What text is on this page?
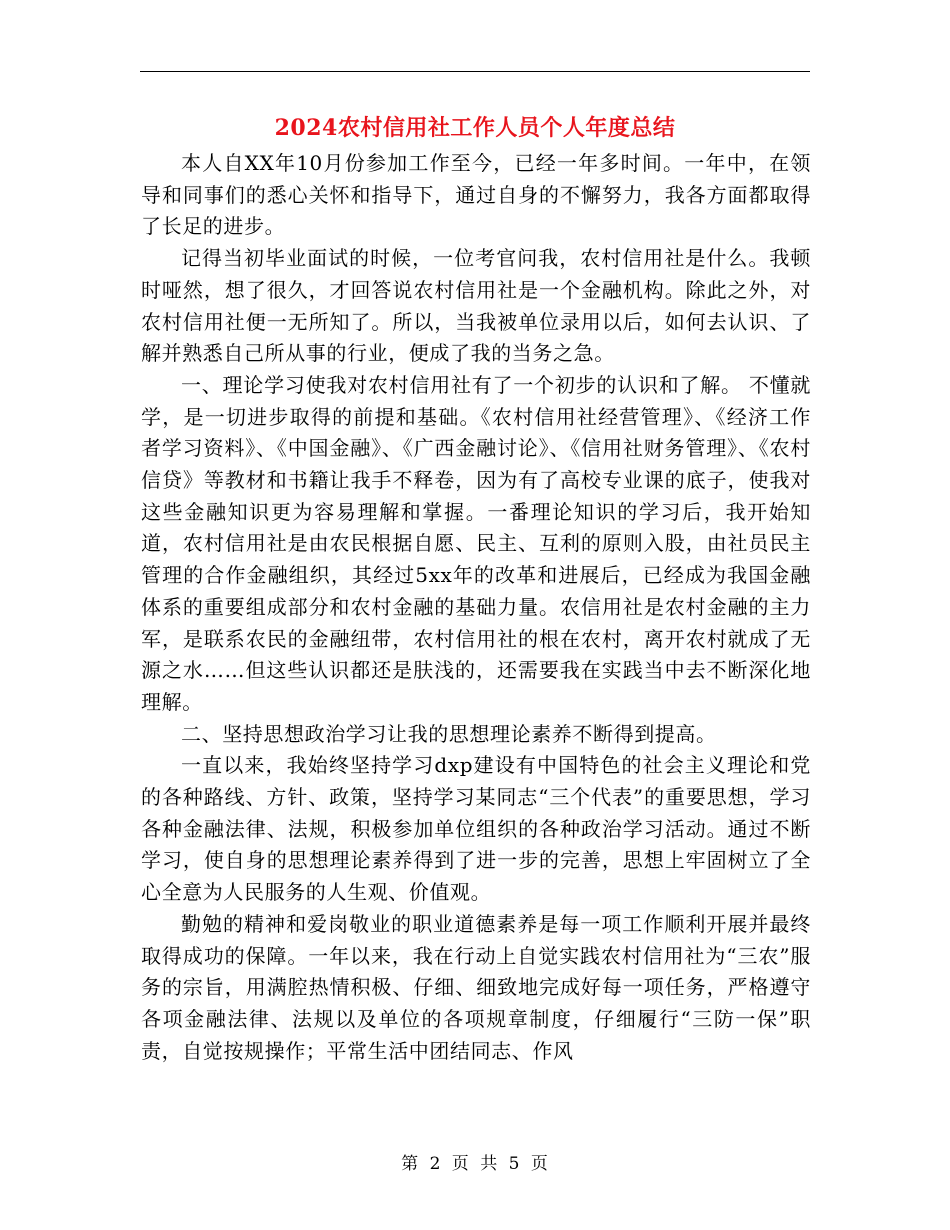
2024农村信用社工作人员个人年度总结

本人自XX年10月份参加工作至今，已经一年多时间。一年中，在领导和同事们的悉心关怀和指导下，通过自身的不懈努力，我各方面都取得了长足的进步。

记得当初毕业面试的时候，一位考官问我，农村信用社是什么。我顿时哑然，想了很久，才回答说农村信用社是一个金融机构。除此之外，对农村信用社便一无所知了。所以，当我被单位录用以后，如何去认识、了解并熟悉自己所从事的行业，便成了我的当务之急。

一、理论学习使我对农村信用社有了一个初步的认识和了解。 不懂就学，是一切进步取得的前提和基础。《农村信用社经营管理》、《经济工作者学习资料》、《中国金融》、《广西金融讨论》、《信用社财务管理》、《农村信贷》等教材和书籍让我手不释卷，因为有了高校专业课的底子，使我对这些金融知识更为容易理解和掌握。一番理论知识的学习后，我开始知道，农村信用社是由农民根据自愿、民主、互利的原则入股，由社员民主管理的合作金融组织，其经过5xx年的改革和进展后，已经成为我国金融体系的重要组成部分和农村金融的基础力量。农信用社是农村金融的主力军，是联系农民的金融纽带，农村信用社的根在农村，离开农村就成了无源之水……但这些认识都还是肤浅的，还需要我在实践当中去不断深化地理解。

二、坚持思想政治学习让我的思想理论素养不断得到提高。

一直以来，我始终坚持学习dxp建设有中国特色的社会主义理论和党的各种路线、方针、政策，坚持学习某同志“三个代表”的重要思想，学习各种金融法律、法规，积极参加单位组织的各种政治学习活动。通过不断学习，使自身的思想理论素养得到了进一步的完善，思想上牢固树立了全心全意为人民服务的人生观、价值观。

勤勉的精神和爱岗敬业的职业道德素养是每一项工作顺利开展并最终取得成功的保障。一年以来，我在行动上自觉实践农村信用社为“三农”服务的宗旨，用满腔热情积极、仔细、细致地完成好每一项任务，严格遵守各项金融法律、法规以及单位的各项规章制度，仔细履行“三防一保”职责，自觉按规操作；平常生活中团结同志、作风

第 2 页 共 5 页
